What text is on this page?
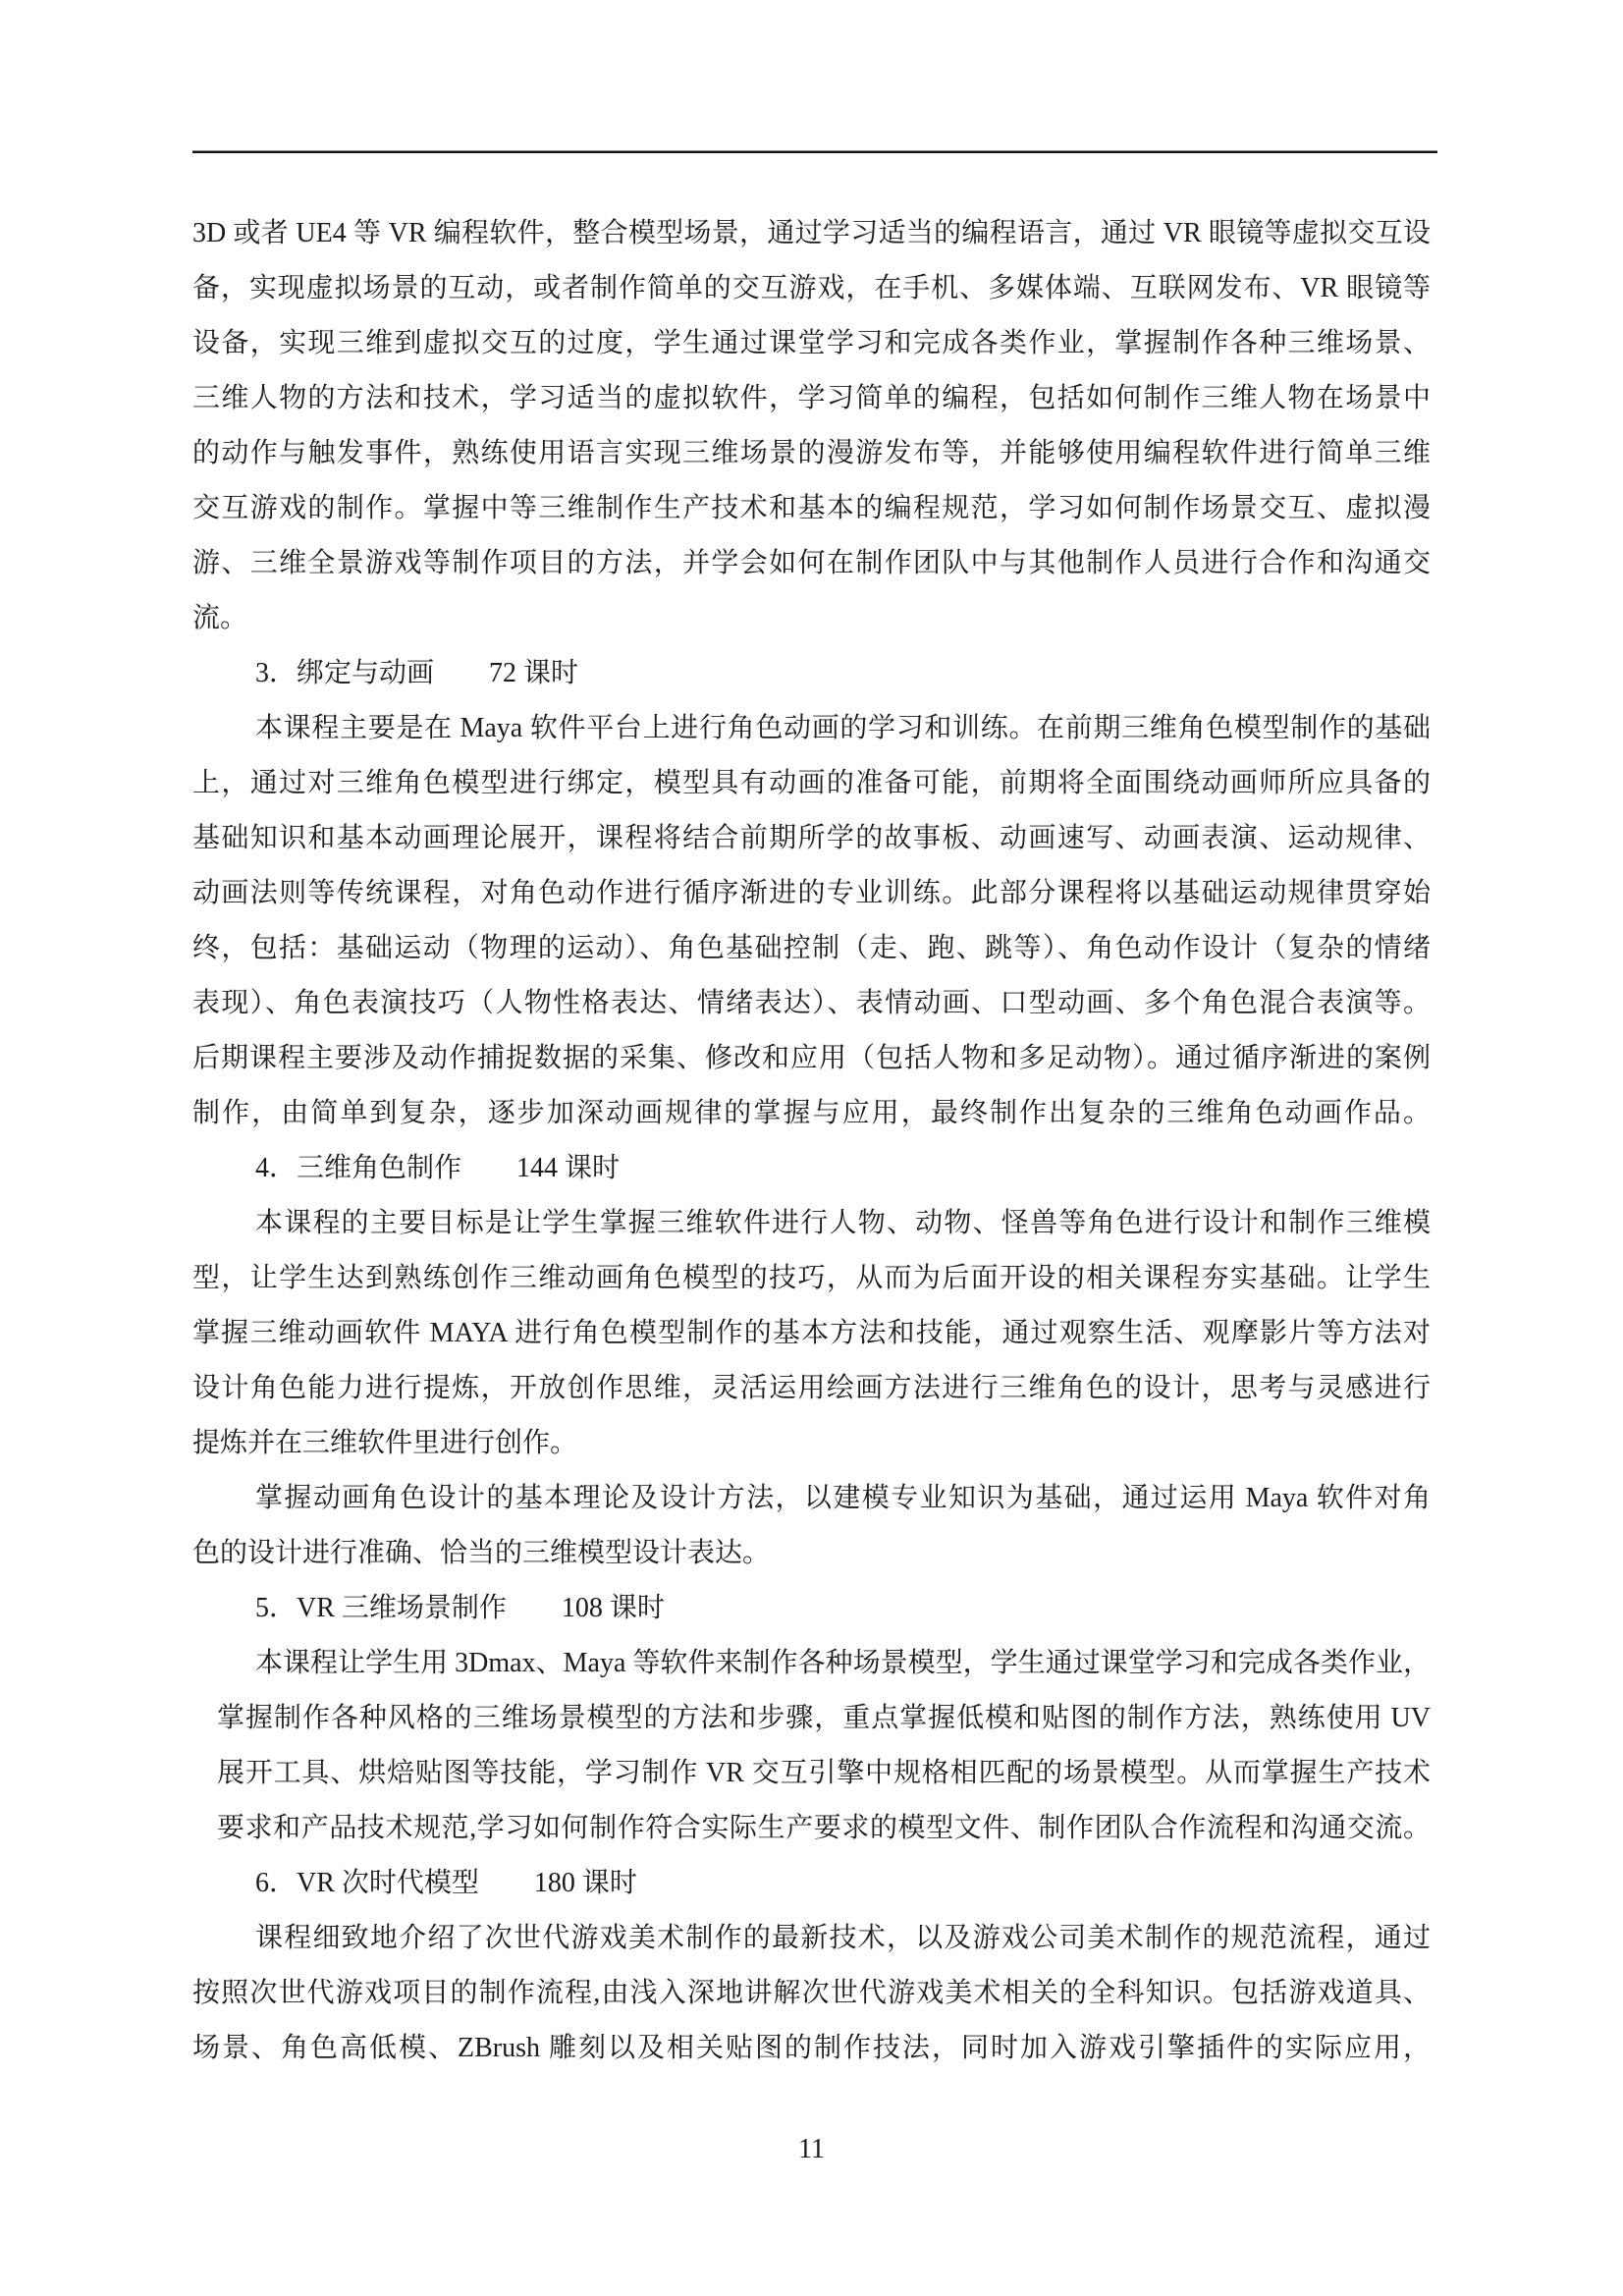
3D 或者 UE4 等 VR 编程软件，整合模型场景，通过学习适当的编程语言，通过 VR 眼镜等虚拟交互设
备，实现虚拟场景的互动，或者制作简单的交互游戏，在手机、多媒体端、互联网发布、VR 眼镜等
设备，实现三维到虚拟交互的过度，学生通过课堂学习和完成各类作业，掌握制作各种三维场景、
三维人物的方法和技术，学习适当的虚拟软件，学习简单的编程，包括如何制作三维人物在场景中
的动作与触发事件，熟练使用语言实现三维场景的漫游发布等，并能够使用编程软件进行简单三维
交互游戏的制作。掌握中等三维制作生产技术和基本的编程规范，学习如何制作场景交互、虚拟漫
游、三维全景游戏等制作项目的方法，并学会如何在制作团队中与其他制作人员进行合作和沟通交
流。
3．绑定与动画　　72 课时
本课程主要是在 Maya 软件平台上进行角色动画的学习和训练。在前期三维角色模型制作的基础
上，通过对三维角色模型进行绑定，模型具有动画的准备可能，前期将全面围绕动画师所应具备的
基础知识和基本动画理论展开，课程将结合前期所学的故事板、动画速写、动画表演、运动规律、
动画法则等传统课程，对角色动作进行循序渐进的专业训练。此部分课程将以基础运动规律贯穿始
终，包括：基础运动（物理的运动）、角色基础控制（走、跑、跳等）、角色动作设计（复杂的情绪
表现）、角色表演技巧（人物性格表达、情绪表达）、表情动画、口型动画、多个角色混合表演等。
后期课程主要涉及动作捕捉数据的采集、修改和应用（包括人物和多足动物）。通过循序渐进的案例
制作，由简单到复杂，逐步加深动画规律的掌握与应用，最终制作出复杂的三维角色动画作品。
4．三维角色制作　　144 课时
本课程的主要目标是让学生掌握三维软件进行人物、动物、怪兽等角色进行设计和制作三维模
型，让学生达到熟练创作三维动画角色模型的技巧，从而为后面开设的相关课程夯实基础。让学生
掌握三维动画软件 MAYA 进行角色模型制作的基本方法和技能，通过观察生活、观摩影片等方法对
设计角色能力进行提炼，开放创作思维，灵活运用绘画方法进行三维角色的设计，思考与灵感进行
提炼并在三维软件里进行创作。
掌握动画角色设计的基本理论及设计方法，以建模专业知识为基础，通过运用 Maya 软件对角
色的设计进行准确、恰当的三维模型设计表达。
5．VR 三维场景制作　　108 课时
本课程让学生用 3Dmax、Maya 等软件来制作各种场景模型，学生通过课堂学习和完成各类作业，
掌握制作各种风格的三维场景模型的方法和步骤，重点掌握低模和贴图的制作方法，熟练使用 UV
展开工具、烘焙贴图等技能，学习制作 VR 交互引擎中规格相匹配的场景模型。从而掌握生产技术
要求和产品技术规范,学习如何制作符合实际生产要求的模型文件、制作团队合作流程和沟通交流。
6．VR 次时代模型　　180 课时
课程细致地介绍了次世代游戏美术制作的最新技术，以及游戏公司美术制作的规范流程，通过
按照次世代游戏项目的制作流程,由浅入深地讲解次世代游戏美术相关的全科知识。包括游戏道具、
场景、角色高低模、ZBrush 雕刻以及相关贴图的制作技法，同时加入游戏引擎插件的实际应用，
11
